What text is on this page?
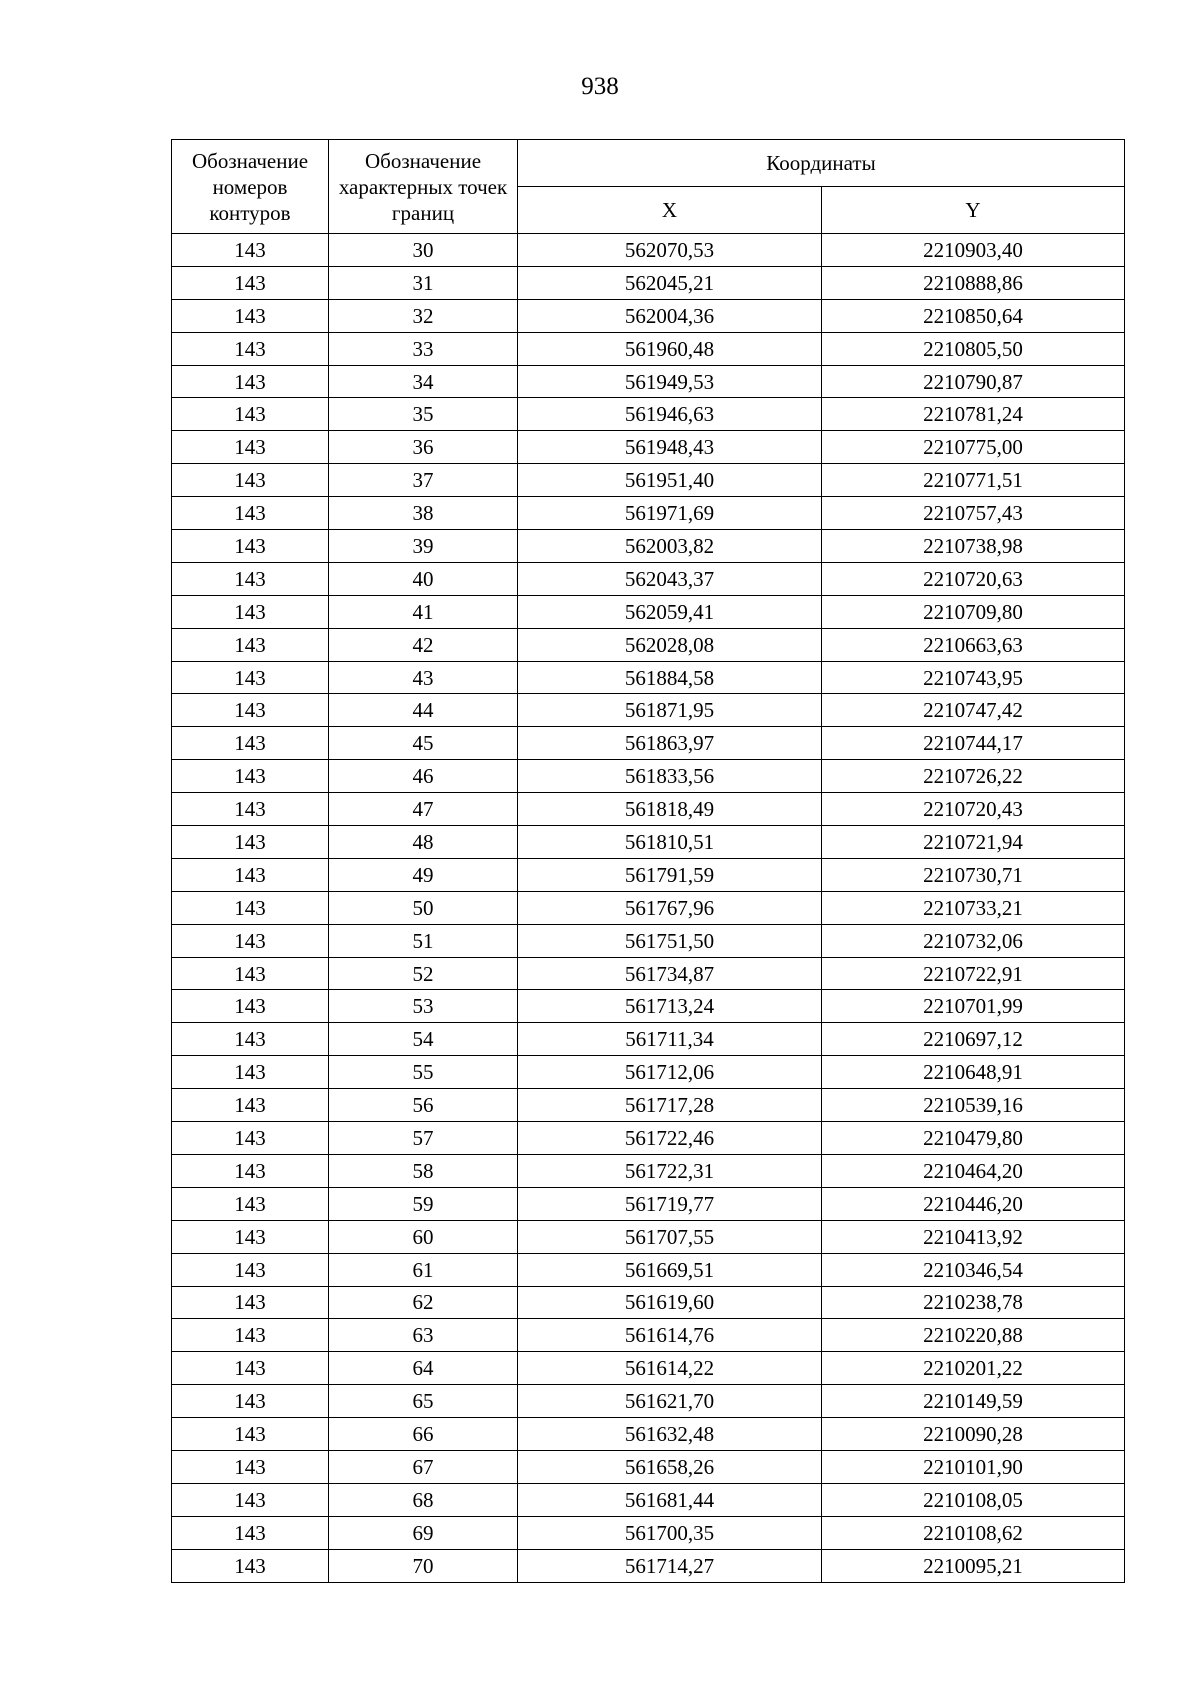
938
Обозначение номеров контуров	Обозначение характерных точек границ	Координаты	
		X	Y
143	30	562070,53	2210903,40
143	31	562045,21	2210888,86
143	32	562004,36	2210850,64
143	33	561960,48	2210805,50
143	34	561949,53	2210790,87
143	35	561946,63	2210781,24
143	36	561948,43	2210775,00
143	37	561951,40	2210771,51
143	38	561971,69	2210757,43
143	39	562003,82	2210738,98
143	40	562043,37	2210720,63
143	41	562059,41	2210709,80
143	42	562028,08	2210663,63
143	43	561884,58	2210743,95
143	44	561871,95	2210747,42
143	45	561863,97	2210744,17
143	46	561833,56	2210726,22
143	47	561818,49	2210720,43
143	48	561810,51	2210721,94
143	49	561791,59	2210730,71
143	50	561767,96	2210733,21
143	51	561751,50	2210732,06
143	52	561734,87	2210722,91
143	53	561713,24	2210701,99
143	54	561711,34	2210697,12
143	55	561712,06	2210648,91
143	56	561717,28	2210539,16
143	57	561722,46	2210479,80
143	58	561722,31	2210464,20
143	59	561719,77	2210446,20
143	60	561707,55	2210413,92
143	61	561669,51	2210346,54
143	62	561619,60	2210238,78
143	63	561614,76	2210220,88
143	64	561614,22	2210201,22
143	65	561621,70	2210149,59
143	66	561632,48	2210090,28
143	67	561658,26	2210101,90
143	68	561681,44	2210108,05
143	69	561700,35	2210108,62
143	70	561714,27	2210095,21
